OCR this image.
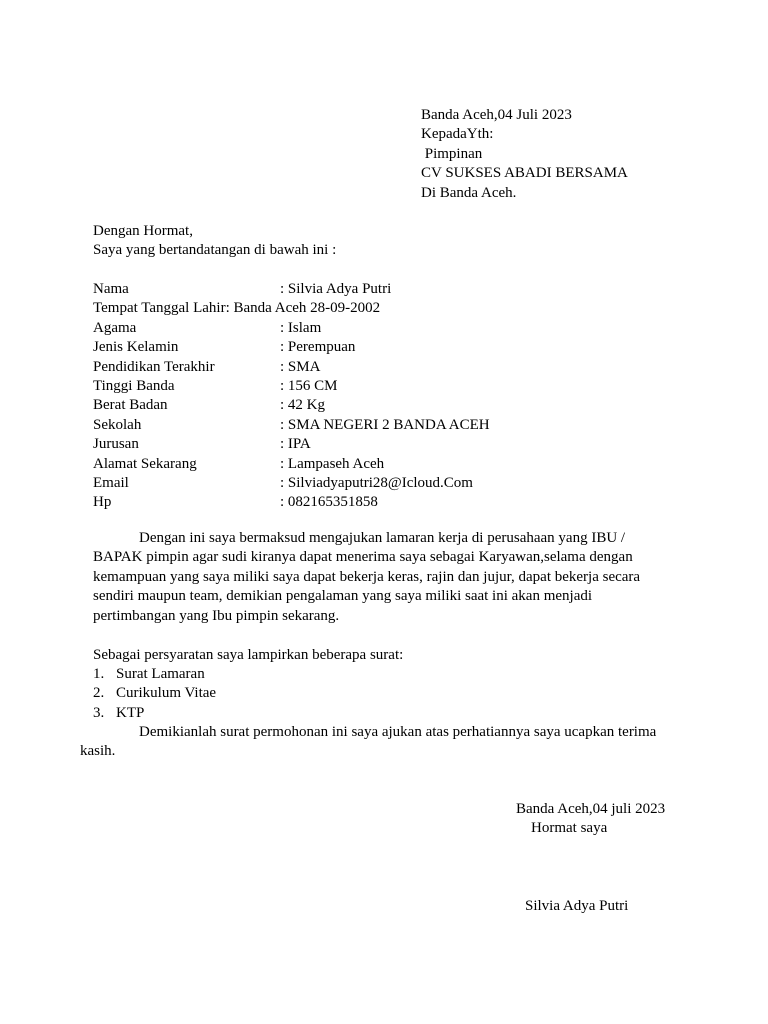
Banda Aceh,04 Juli 2023
KepadaYth:
Pimpinan
CV SUKSES ABADI BERSAMA
Di Banda Aceh.
Dengan Hormat,
Saya yang bertandatangan di bawah ini :
Nama	: Silvia Adya Putri
Tempat Tanggal Lahir: Banda Aceh 28-09-2002
Agama	: Islam
Jenis Kelamin	: Perempuan
Pendidikan Terakhir	: SMA
Tinggi Banda	: 156 CM
Berat Badan	: 42 Kg
Sekolah	: SMA NEGERI 2 BANDA ACEH
Jurusan	: IPA
Alamat Sekarang	: Lampaseh Aceh
Email	: Silviadyaputri28@Icloud.Com
Hp	: 082165351858
Dengan ini saya bermaksud mengajukan lamaran kerja di perusahaan yang IBU /
BAPAK pimpin agar sudi kiranya dapat menerima saya sebagai Karyawan,selama dengan
kemampuan yang saya miliki saya dapat bekerja keras, rajin dan jujur, dapat bekerja secara
sendiri maupun team, demikian pengalaman yang saya miliki saat ini akan menjadi
pertimbangan yang Ibu pimpin sekarang.
Sebagai persyaratan saya lampirkan beberapa surat:
1. Surat Lamaran
2. Curikulum Vitae
3. KTP
Demikianlah surat permohonan ini saya ajukan atas perhatiannya saya ucapkan terima
kasih.
Banda Aceh,04 juli 2023
Hormat saya
Silvia Adya Putri
